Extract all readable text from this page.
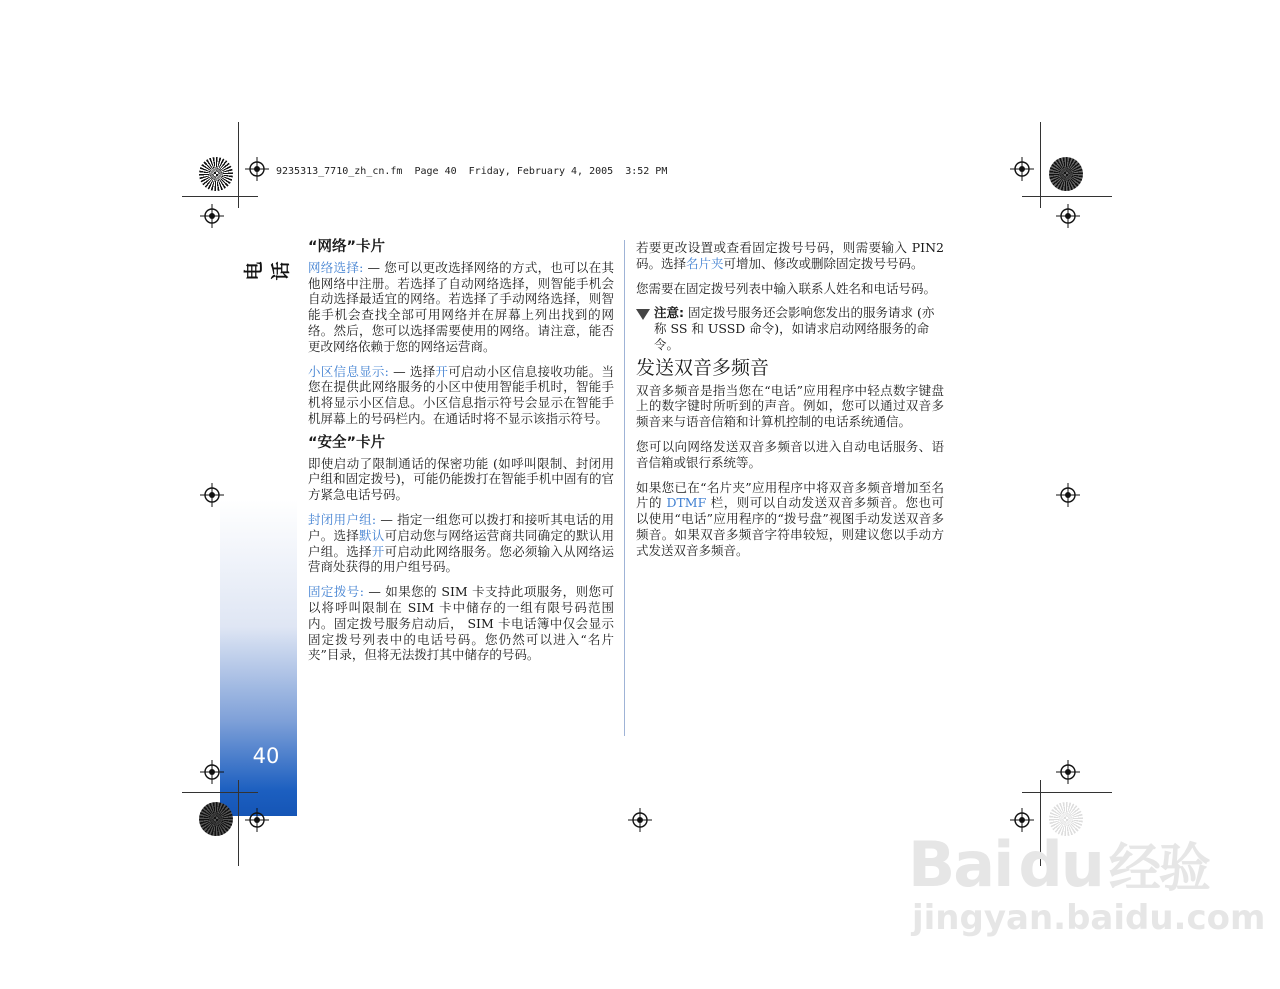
电话
40
9235313_7710_zh_cn.fm  Page 40  Friday, February 4, 2005  3:52 PM
“网络”卡片

网络选择: — 您可以更改选择网络的方式，也可以在其他网络中注册。若选择了自动网络选择，则智能手机会自动选择最适宜的网络。若选择了手动网络选择，则智能手机会查找全部可用网络并在屏幕上列出找到的网络。然后，您可以选择需要使用的网络。请注意，能否更改网络依赖于您的网络运营商。

小区信息显示: — 选择开可启动小区信息接收功能。当您在提供此网络服务的小区中使用智能手机时，智能手机将显示小区信息。小区信息指示符号会显示在智能手机屏幕上的号码栏内。在通话时将不显示该指示符号。

“安全”卡片

即使启动了限制通话的保密功能 (如呼叫限制、封闭用户组和固定拨号)，可能仍能拨打在智能手机中固有的官方紧急电话号码。

封闭用户组: — 指定一组您可以拨打和接听其电话的用户。选择默认可启动您与网络运营商共同确定的默认用户组。选择开可启动此网络服务。您必须输入从网络运营商处获得的用户组号码。

固定拨号: — 如果您的 SIM 卡支持此项服务，则您可以将呼叫限制在 SIM 卡中储存的一组有限号码范围内。固定拨号服务启动后， SIM 卡电话簿中仅会显示固定拨号列表中的电话号码。您仍然可以进入“名片夹”目录，但将无法拨打其中储存的号码。

若要更改设置或查看固定拨号号码，则需要输入 PIN2 码。选择名片夹可增加、修改或删除固定拨号号码。

您需要在固定拨号列表中输入联系人姓名和电话号码。

注意: 固定拨号服务还会影响您发出的服务请求 (亦称 SS 和 USSD 命令)，如请求启动网络服务的命令。
发送双音多频音

双音多频音是指当您在“电话”应用程序中轻点数字键盘上的数字键时所听到的声音。例如，您可以通过双音多频音来与语音信箱和计算机控制的电话系统通信。

您可以向网络发送双音多频音以进入自动电话服务、语音信箱或银行系统等。

如果您已在“名片夹”应用程序中将双音多频音增加至名片的 DTMF 栏，则可以自动发送双音多频音。您也可以使用“电话”应用程序的“拨号盘”视图手动发送双音多频音。如果双音多频音字符串较短，则建议您以手动方式发送双音多频音。

Baidu 经验
jingyan.baidu.com
